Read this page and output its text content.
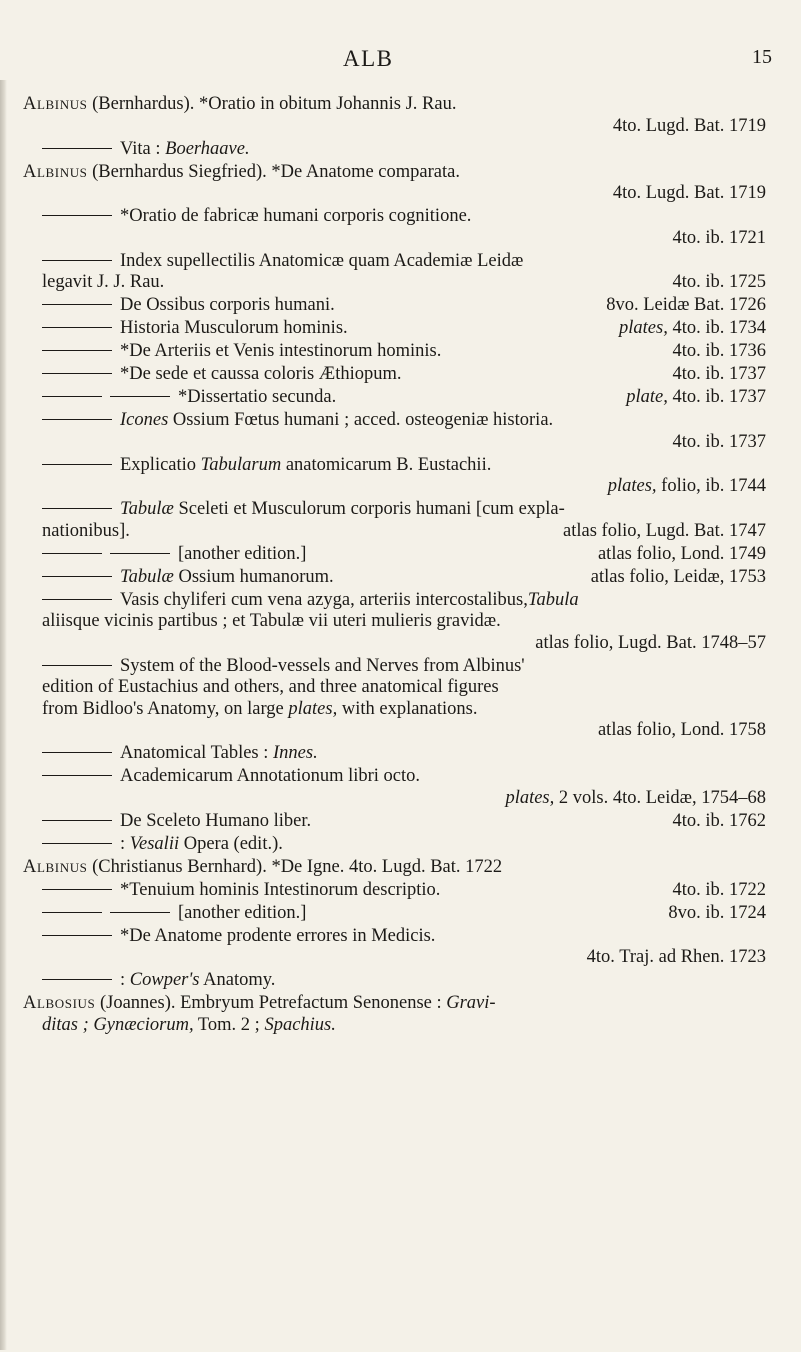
ALB	15
Albinus (Bernhardus). *Oratio in obitum Johannis J. Rau.
4to. Lugd. Bat. 1719
Vita : Boerhaave.
Albinus (Bernhardus Siegfried). *De Anatome comparata.
4to. Lugd. Bat. 1719
*Oratio de fabricæ humani corporis cognitione.
4to. ib. 1721
Index supellectilis Anatomicæ quam Academiæ Leidæ
legavit J. J. Rau.	4to. ib. 1725
De Ossibus corporis humani.	8vo. Leidæ Bat. 1726
Historia Musculorum hominis.	plates, 4to. ib. 1734
*De Arteriis et Venis intestinorum hominis.	4to. ib. 1736
*De sede et caussa coloris Æthiopum.	4to. ib. 1737
*Dissertatio secunda.	plate, 4to. ib. 1737
Icones Ossium Fœtus humani ; acced. osteogeniæ historia.
4to. ib. 1737
Explicatio Tabularum anatomicarum B. Eustachii.
plates, folio, ib. 1744
Tabulæ Sceleti et Musculorum corporis humani [cum expla-
nationibus].	atlas folio, Lugd. Bat. 1747
[another edition.]	atlas folio, Lond. 1749
Tabulæ Ossium humanorum.	atlas folio, Leidæ, 1753
Vasis chyliferi cum vena azyga, arteriis intercostalibus,Tabula
aliisque vicinis partibus ; et Tabulæ vii uteri mulieris gravidæ.
atlas folio, Lugd. Bat. 1748–57
System of the Blood-vessels and Nerves from Albinus'
edition of Eustachius and others, and three anatomical figures
from Bidloo's Anatomy, on large plates, with explanations.
atlas folio, Lond. 1758
Anatomical Tables : Innes.
Academicarum Annotationum libri octo.
plates, 2 vols. 4to. Leidæ, 1754–68
De Sceleto Humano liber.	4to. ib. 1762
: Vesalii Opera (edit.).
Albinus (Christianus Bernhard). *De Igne. 4to. Lugd. Bat. 1722
*Tenuium hominis Intestinorum descriptio.	4to. ib. 1722
[another edition.]	8vo. ib. 1724
*De Anatome prodente errores in Medicis.
4to. Traj. ad Rhen. 1723
: Cowper's Anatomy.
Albosius (Joannes). Embryum Petrefactum Senonense : Gravi-
ditas ; Gynæciorum, Tom. 2 ; Spachius.
